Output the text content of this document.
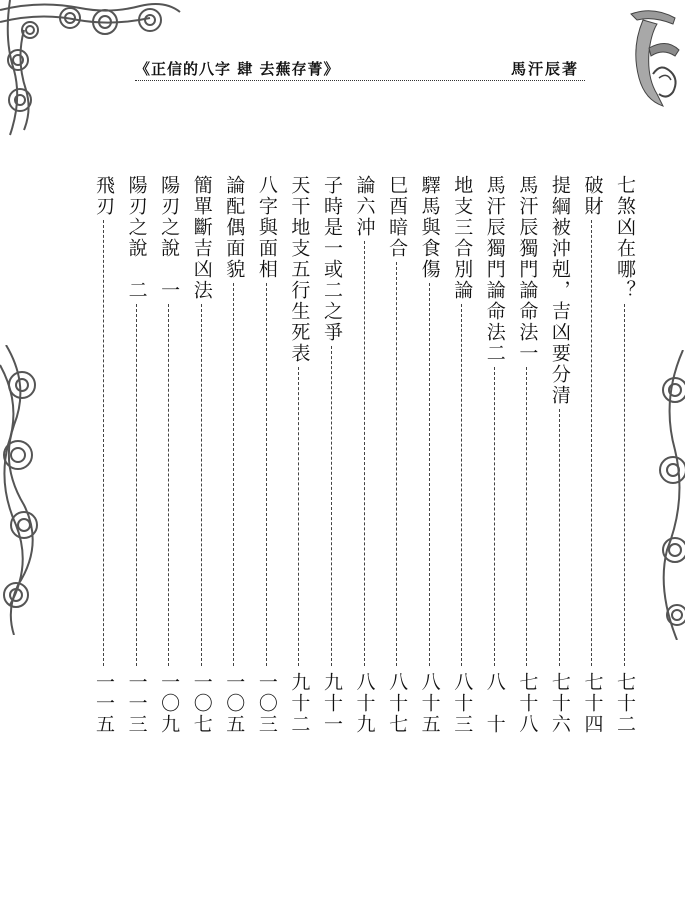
《正信的八字 肆 去蕪存菁》	馬汗辰著
七煞凶在哪？
七十二
破財
七十四
提綱被沖剋，吉凶要分清
七十六
馬汗辰獨門論命法一
七十八
馬汗辰獨門論命法二
八　十
地支三合別論
八十三
驛馬與食傷
八十五
巳酉暗合
八十七
論六沖
八十九
子時是一或二之爭
九十一
天干地支五行生死表
九十二
八字與面相
一〇三
論配偶面貌
一〇五
簡單斷吉凶法
一〇七
陽刃之說　一
一〇九
陽刃之說　二
一一三
飛刃
一一五
